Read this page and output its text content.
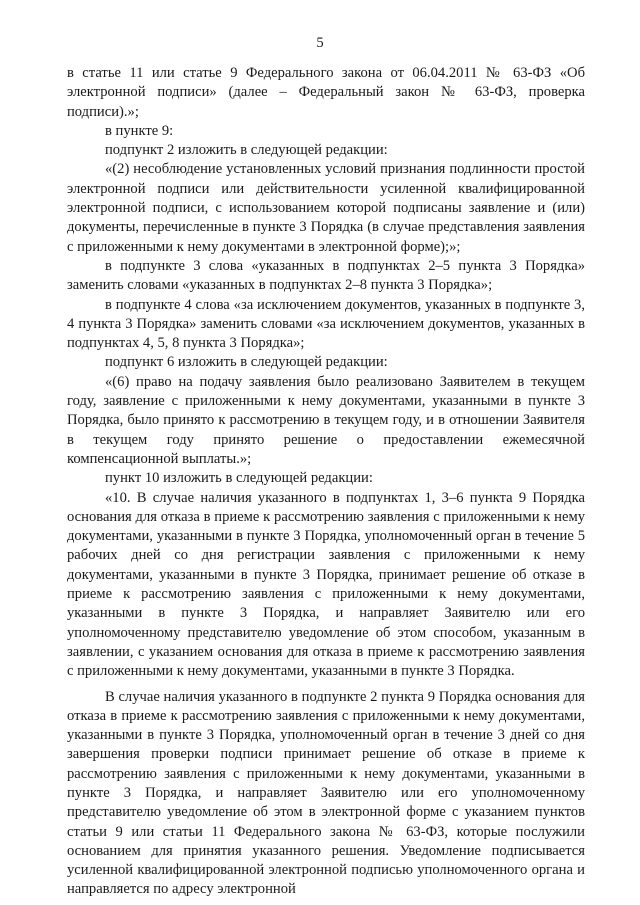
5

в статье 11 или статье 9 Федерального закона от 06.04.2011 № 63-ФЗ «Об электронной подписи» (далее – Федеральный закон № 63-ФЗ, проверка подписи).»;

в пункте 9:

подпункт 2 изложить в следующей редакции:

«(2) несоблюдение установленных условий признания подлинности простой электронной подписи или действительности усиленной квалифицированной электронной подписи, с использованием которой подписаны заявление и (или) документы, перечисленные в пункте 3 Порядка (в случае представления заявления с приложенными к нему документами в электронной форме);»;

в подпункте 3 слова «указанных в подпунктах 2–5 пункта 3 Порядка» заменить словами «указанных в подпунктах 2–8 пункта 3 Порядка»;

в подпункте 4 слова «за исключением документов, указанных в подпункте 3, 4 пункта 3 Порядка» заменить словами «за исключением документов, указанных в подпунктах 4, 5, 8 пункта 3 Порядка»;

подпункт 6 изложить в следующей редакции:

«(6) право на подачу заявления было реализовано Заявителем в текущем году, заявление с приложенными к нему документами, указанными в пункте 3 Порядка, было принято к рассмотрению в текущем году, и в отношении Заявителя в текущем году принято решение о предоставлении ежемесячной компенсационной выплаты.»;

пункт 10 изложить в следующей редакции:

«10. В случае наличия указанного в подпунктах 1, 3–6 пункта 9 Порядка основания для отказа в приеме к рассмотрению заявления с приложенными к нему документами, указанными в пункте 3 Порядка, уполномоченный орган в течение 5 рабочих дней со дня регистрации заявления с приложенными к нему документами, указанными в пункте 3 Порядка, принимает решение об отказе в приеме к рассмотрению заявления с приложенными к нему документами, указанными в пункте 3 Порядка, и направляет Заявителю или его уполномоченному представителю уведомление об этом способом, указанным в заявлении, с указанием основания для отказа в приеме к рассмотрению заявления с приложенными к нему документами, указанными в пункте 3 Порядка.

В случае наличия указанного в подпункте 2 пункта 9 Порядка основания для отказа в приеме к рассмотрению заявления с приложенными к нему документами, указанными в пункте 3 Порядка, уполномоченный орган в течение 3 дней со дня завершения проверки подписи принимает решение об отказе в приеме к рассмотрению заявления с приложенными к нему документами, указанными в пункте 3 Порядка, и направляет Заявителю или его уполномоченному представителю уведомление об этом в электронной форме с указанием пунктов статьи 9 или статьи 11 Федерального закона № 63-ФЗ, которые послужили основанием для принятия указанного решения. Уведомление подписывается усиленной квалифицированной электронной подписью уполномоченного органа и направляется по адресу электронной
